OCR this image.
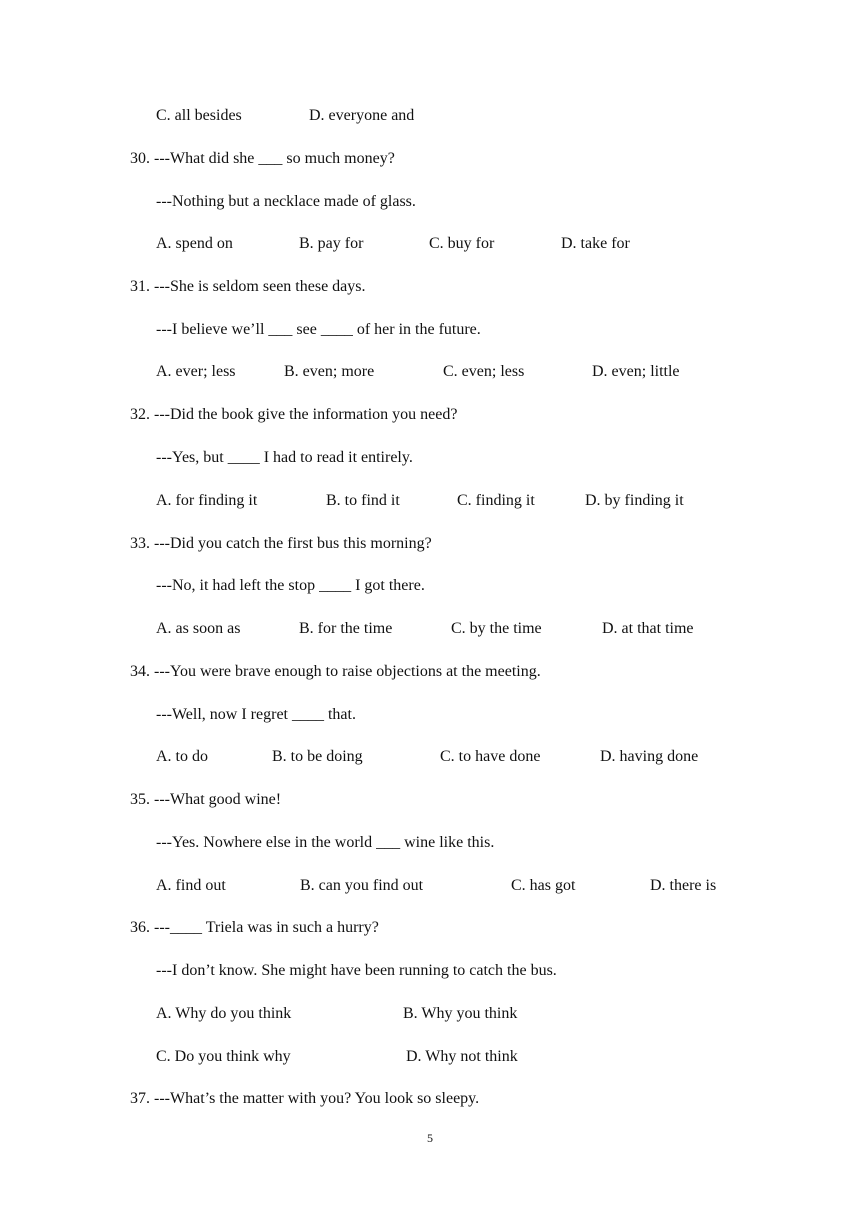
C. all besides	D. everyone and
30. ---What did she ___ so much money?
---Nothing but a necklace made of glass.
A. spend on	B. pay for	C. buy for	D. take for
31. ---She is seldom seen these days.
---I believe we’ll ___ see ____ of her in the future.
A. ever; less	B. even; more	C. even; less	D. even; little
32. ---Did the book give the information you need?
---Yes, but ____ I had to read it entirely.
A. for finding it	B. to find it	C. finding it	D. by finding it
33. ---Did you catch the first bus this morning?
---No, it had left the stop ____ I got there.
A. as soon as	B. for the time	C. by the time	D. at that time
34. ---You were brave enough to raise objections at the meeting.
---Well, now I regret ____ that.
A. to do	B. to be doing	C. to have done	D. having done
35. ---What good wine!
---Yes. Nowhere else in the world ___ wine like this.
A. find out	B. can you find out	C. has got	D. there is
36. ---____ Triela was in such a hurry?
---I don’t know. She might have been running to catch the bus.
A. Why do you think	B. Why you think
C. Do you think why	D. Why not think
37. ---What’s the matter with you? You look so sleepy.
5
